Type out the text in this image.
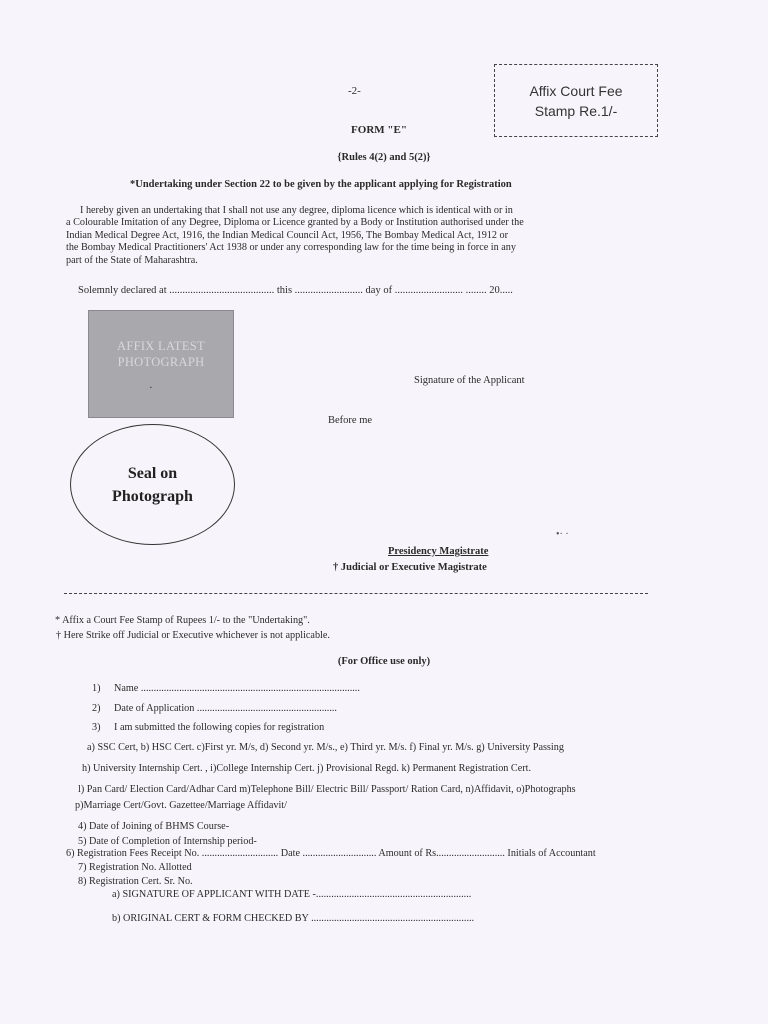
-2-	Affix Court Fee
Stamp Re.1/-
FORM "E"
{Rules 4(2) and 5(2)}
*Undertaking under Section 22 to be given by the applicant applying for Registration
I hereby given an undertaking that I shall not use any degree, diploma licence which is identical with or in
a Colourable Imitation of any Degree, Diploma or Licence granted by a Body or Institution authorised under the
Indian Medical Degree Act, 1916, the Indian Medical Council Act, 1956, The Bombay Medical Act, 1912 or
the Bombay Medical Practitioners' Act 1938 or under any corresponding law for the time being in force in any
part of the State of Maharashtra.
Solemnly declared at ........................................ this .......................... day of .......................... ........ 20.....
AFFIX LATEST
PHOTOGRAPH
.	Signature of the Applicant
Before me
Seal on
Photograph
•· ·
Presidency Magistrate
† Judicial or Executive Magistrate
* Affix a Court Fee Stamp of Rupees 1/- to the "Undertaking".
† Here Strike off Judicial or Executive whichever is not applicable.
(For Office use only)
1) Name ......................................................................................
2) Date of Application .......................................................
3) I am submitted the following copies for registration
a) SSC Cert, b) HSC Cert. c)First yr. M/s, d) Second yr. M/s., e) Third yr. M/s. f) Final yr. M/s. g) University Passing
h) University Internship Cert. , i)College Internship Cert. j) Provisional Regd. k) Permanent Registration Cert.
l) Pan Card/ Election Card/Adhar Card m)Telephone Bill/ Electric Bill/ Passport/ Ration Card, n)Affidavit, o)Photographs
p)Marriage Cert/Govt. Gazettee/Marriage Affidavit/
4) Date of Joining of BHMS Course-
5) Date of Completion of Internship period-
6) Registration Fees Receipt No. .............................. Date ............................. Amount of Rs........................... Initials of Accountant
7) Registration No. Allotted
8) Registration Cert. Sr. No.
a) SIGNATURE OF APPLICANT WITH DATE -.............................................................
b) ORIGINAL CERT & FORM CHECKED BY ................................................................
